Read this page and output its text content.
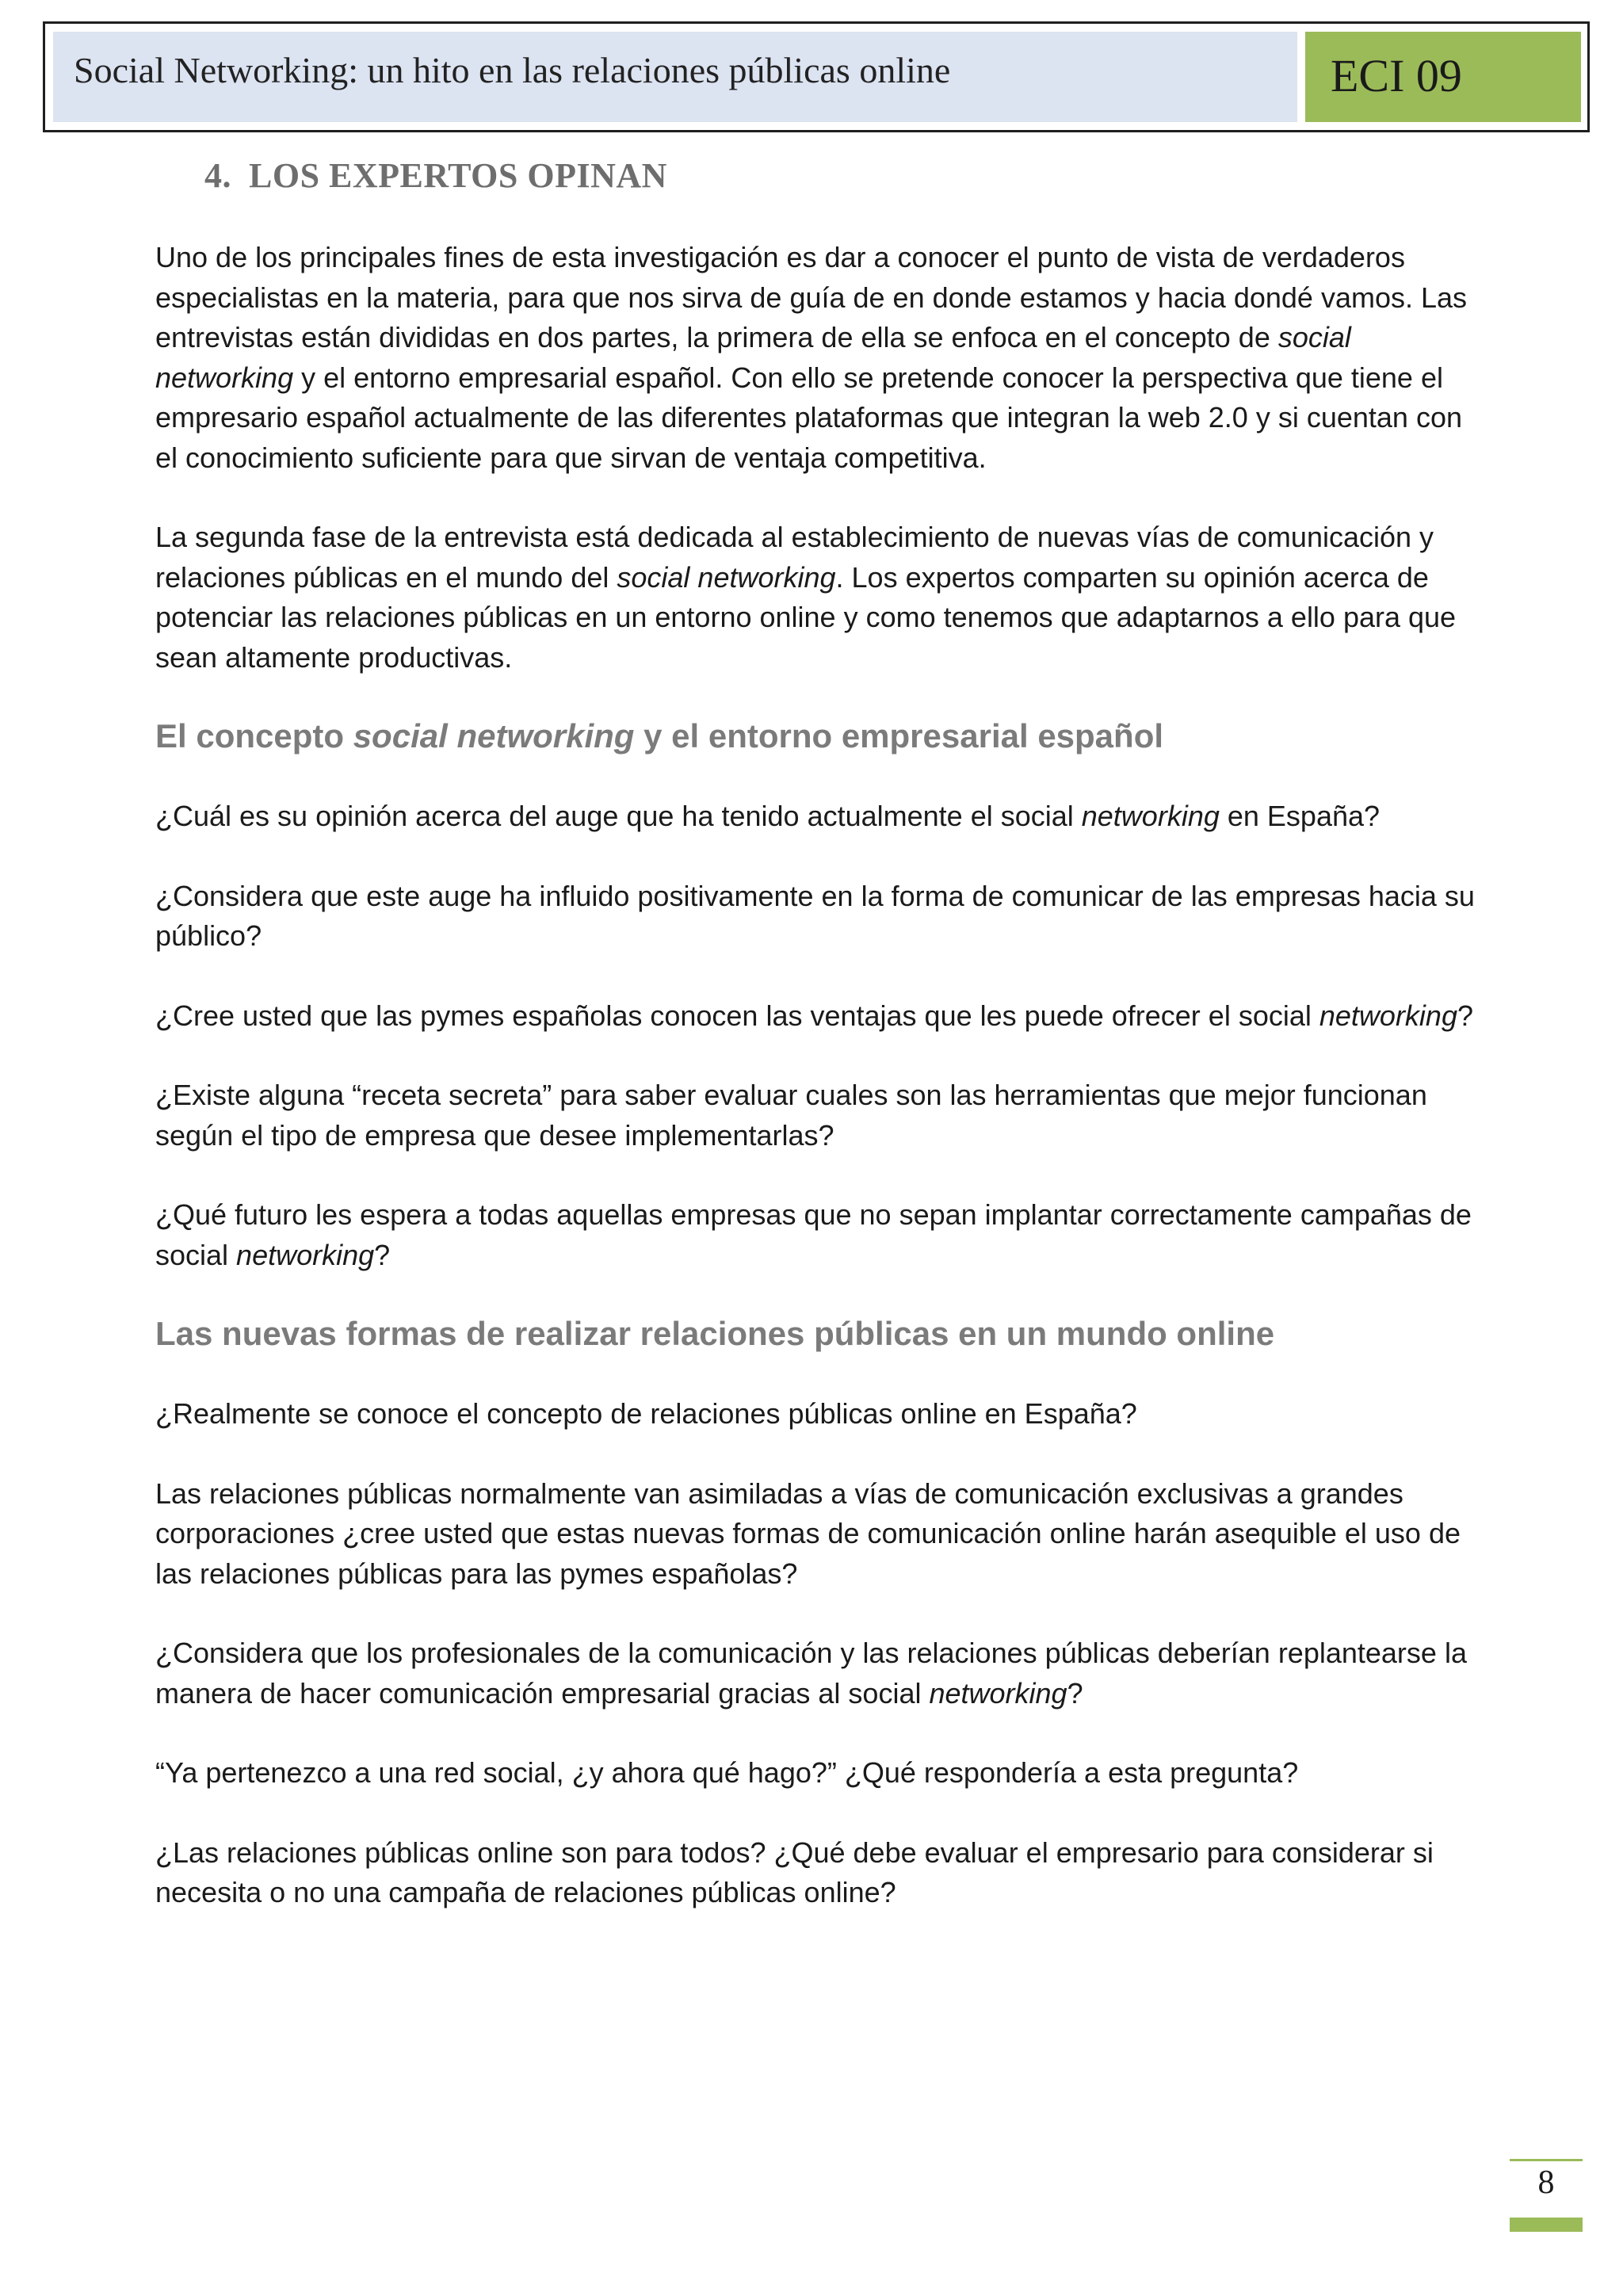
Social Networking: un hito en las relaciones públicas online	ECI 09
4. LOS EXPERTOS OPINAN

Uno de los principales fines de esta investigación es dar a conocer el punto de vista de verdaderos especialistas en la materia, para que nos sirva de guía de en donde estamos y hacia dondé vamos. Las entrevistas están divididas en dos partes, la primera de ella se enfoca en el concepto de social networking y el entorno empresarial español. Con ello se pretende conocer la perspectiva que tiene el empresario español actualmente de las diferentes plataformas que integran la web 2.0 y si cuentan con el conocimiento suficiente para que sirvan de ventaja competitiva.

La segunda fase de la entrevista está dedicada al establecimiento de nuevas vías de comunicación y relaciones públicas en el mundo del social networking. Los expertos comparten su opinión acerca de potenciar las relaciones públicas en un entorno online y como tenemos que adaptarnos a ello para que sean altamente productivas.

El concepto social networking y el entorno empresarial español

¿Cuál es su opinión acerca del auge que ha tenido actualmente el social networking en España?

¿Considera que este auge ha influido positivamente en la forma de comunicar de las empresas hacia su público?

¿Cree usted que las pymes españolas conocen las ventajas que les puede ofrecer el social networking?

¿Existe alguna “receta secreta” para saber evaluar cuales son las herramientas que mejor funcionan según el tipo de empresa que desee implementarlas?

¿Qué futuro les espera a todas aquellas empresas que no sepan implantar correctamente campañas de social networking?

Las nuevas formas de realizar relaciones públicas en un mundo online

¿Realmente se conoce el concepto de relaciones públicas online en España?

Las relaciones públicas normalmente van asimiladas a vías de comunicación exclusivas a grandes corporaciones ¿cree usted que estas nuevas formas de comunicación online harán asequible el uso de las relaciones públicas para las pymes españolas?

¿Considera que los profesionales de la comunicación y las relaciones públicas deberían replantearse la manera de hacer comunicación empresarial gracias al social networking?

“Ya pertenezco a una red social, ¿y ahora qué hago?” ¿Qué respondería a esta pregunta?

¿Las relaciones públicas online son para todos? ¿Qué debe evaluar el empresario para considerar si necesita o no una campaña de relaciones públicas online?

8
